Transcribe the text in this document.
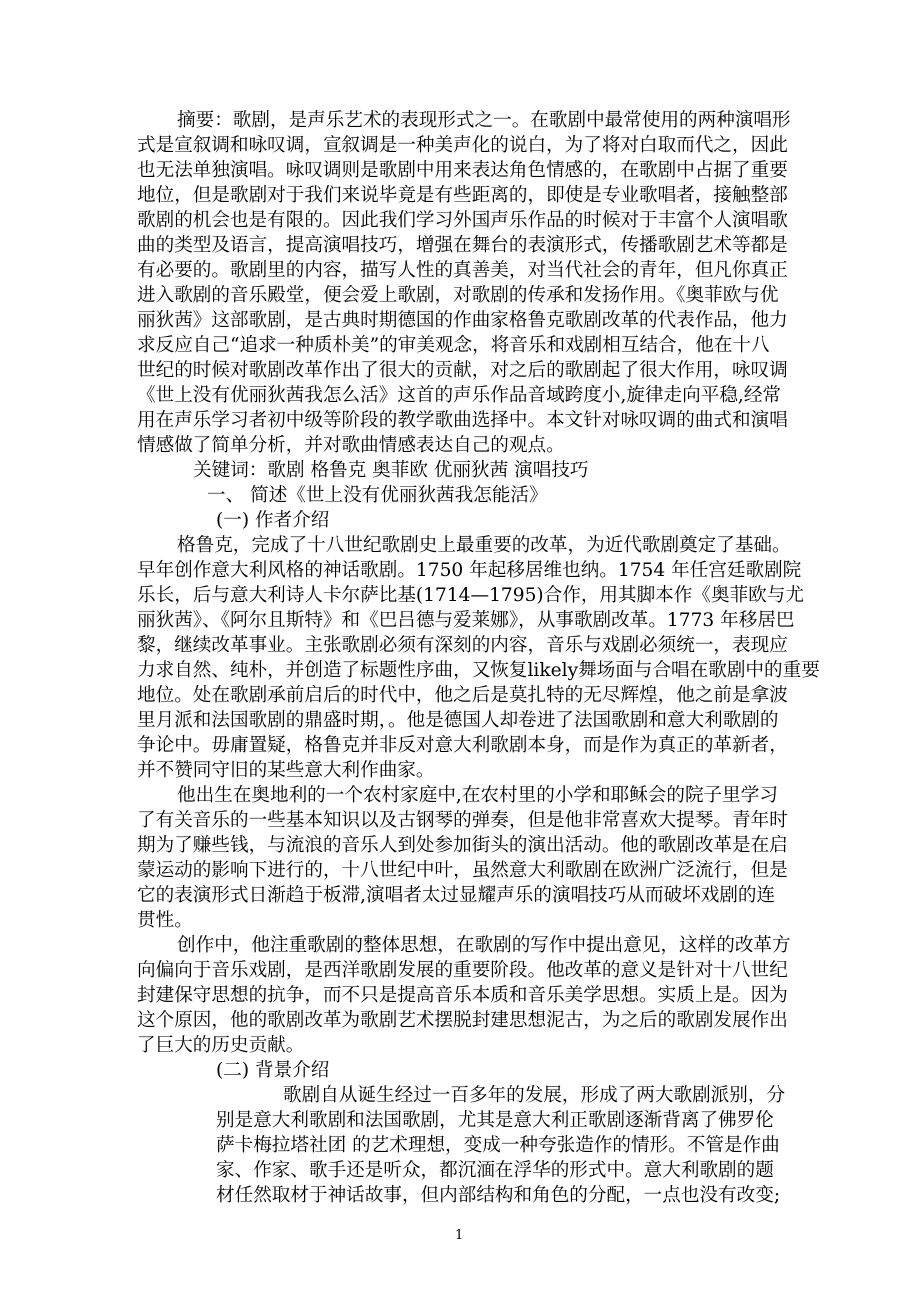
摘要：歌剧，是声乐艺术的表现形式之一。在歌剧中最常使用的两种演唱形
式是宣叙调和咏叹调，宣叙调是一种美声化的说白，为了将对白取而代之，因此
也无法单独演唱。咏叹调则是歌剧中用来表达角色情感的，在歌剧中占据了重要
地位，但是歌剧对于我们来说毕竟是有些距离的，即使是专业歌唱者，接触整部
歌剧的机会也是有限的。因此我们学习外国声乐作品的时候对于丰富个人演唱歌
曲的类型及语言，提高演唱技巧，增强在舞台的表演形式，传播歌剧艺术等都是
有必要的。歌剧里的内容，描写人性的真善美，对当代社会的青年，但凡你真正
进入歌剧的音乐殿堂，便会爱上歌剧，对歌剧的传承和发扬作用。《奥菲欧与优
丽狄茜》这部歌剧，是古典时期德国的作曲家格鲁克歌剧改革的代表作品，他力
求反应自己“追求一种质朴美”的审美观念，将音乐和戏剧相互结合，他在十八
世纪的时候对歌剧改革作出了很大的贡献，对之后的歌剧起了很大作用，咏叹调
《世上没有优丽狄茜我怎么活》这首的声乐作品音域跨度小,旋律走向平稳,经常
用在声乐学习者初中级等阶段的教学歌曲选择中。本文针对咏叹调的曲式和演唱
情感做了简单分析，并对歌曲情感表达自己的观点。
关键词：歌剧 格鲁克 奥菲欧 优丽狄茜 演唱技巧
一、 简述《世上没有优丽狄茜我怎能活》
(一) 作者介绍
格鲁克，完成了十八世纪歌剧史上最重要的改革，为近代歌剧奠定了基础。
早年创作意大利风格的神话歌剧。1750 年起移居维也纳。1754 年任宫廷歌剧院
乐长，后与意大利诗人卡尔萨比基(1714—1795)合作，用其脚本作《奥菲欧与尤
丽狄茜》、《阿尔且斯特》和《巴吕德与爱莱娜》，从事歌剧改革。1773 年移居巴
黎，继续改革事业。主张歌剧必须有深刻的内容，音乐与戏剧必须统一，表现应
力求自然、纯朴，并创造了标题性序曲，又恢复likely舞场面与合唱在歌剧中的重要
地位。处在歌剧承前启后的时代中，他之后是莫扎特的无尽辉煌，他之前是拿波
里月派和法国歌剧的鼎盛时期，。他是德国人却卷进了法国歌剧和意大利歌剧的
争论中。毋庸置疑，格鲁克并非反对意大利歌剧本身，而是作为真正的革新者，
并不赞同守旧的某些意大利作曲家。
他出生在奥地利的一个农村家庭中,在农村里的小学和耶稣会的院子里学习
了有关音乐的一些基本知识以及古钢琴的弹奏，但是他非常喜欢大提琴。青年时
期为了赚些钱，与流浪的音乐人到处参加街头的演出活动。他的歌剧改革是在启
蒙运动的影响下进行的，十八世纪中叶，虽然意大利歌剧在欧洲广泛流行，但是
它的表演形式日渐趋于板滞,演唱者太过显耀声乐的演唱技巧从而破坏戏剧的连
贯性。
创作中，他注重歌剧的整体思想，在歌剧的写作中提出意见，这样的改革方
向偏向于音乐戏剧，是西洋歌剧发展的重要阶段。他改革的意义是针对十八世纪
封建保守思想的抗争，而不只是提高音乐本质和音乐美学思想。实质上是。因为
这个原因，他的歌剧改革为歌剧艺术摆脱封建思想泥古，为之后的歌剧发展作出
了巨大的历史贡献。
(二) 背景介绍
歌剧自从诞生经过一百多年的发展，形成了两大歌剧派别，分
别是意大利歌剧和法国歌剧，尤其是意大利正歌剧逐渐背离了佛罗伦
萨卡梅拉塔社团 的艺术理想，变成一种夸张造作的情形。不管是作曲
家、作家、歌手还是听众，都沉湎在浮华的形式中。意大利歌剧的题
材任然取材于神话故事，但内部结构和角色的分配，一点也没有改变;
1
